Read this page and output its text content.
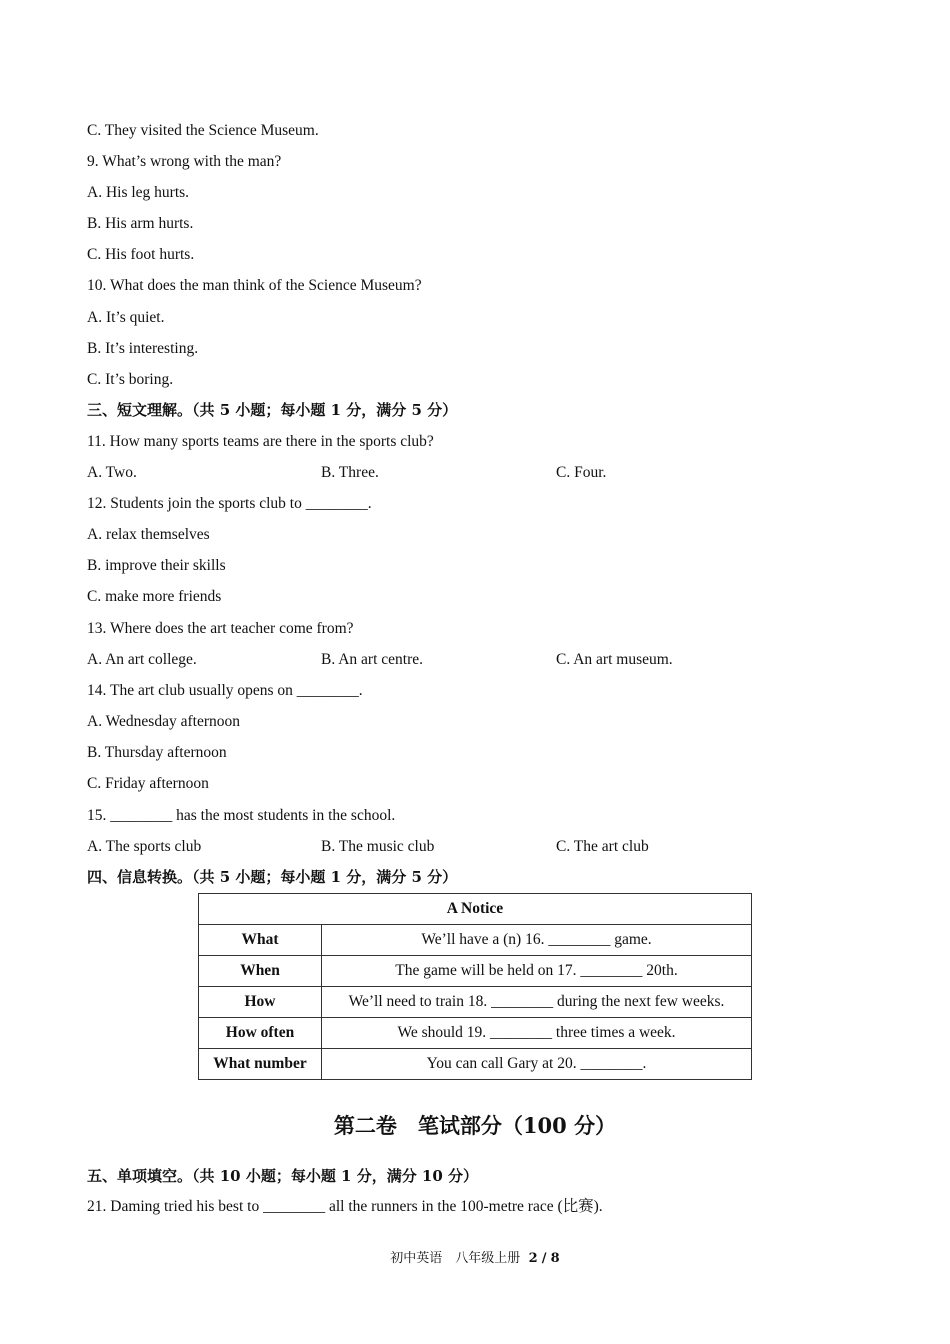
C. They visited the Science Museum.
9. What’s wrong with the man?
A. His leg hurts.
B. His arm hurts.
C. His foot hurts.
10. What does the man think of the Science Museum?
A. It’s quiet.
B. It’s interesting.
C. It’s boring.
三、短文理解。（共 5 小题；每小题 1 分，满分 5 分）
11. How many sports teams are there in the sports club?
A. Two.	B. Three.	C. Four.
12. Students join the sports club to ________.
A. relax themselves
B. improve their skills
C. make more friends
13. Where does the art teacher come from?
A. An art college.	B. An art centre.	C. An art museum.
14. The art club usually opens on ________.
A. Wednesday afternoon
B. Thursday afternoon
C. Friday afternoon
15. ________ has the most students in the school.
A. The sports club	B. The music club	C. The art club
四、信息转换。（共 5 小题；每小题 1 分，满分 5 分）
A Notice	
What	We’ll have a (n) 16. ________ game.
When	The game will be held on 17. ________ 20th.
How	We’ll need to train 18. ________ during the next few weeks.
How often	We should 19. ________ three times a week.
What number	You can call Gary at 20. ________.
第二卷　笔试部分（100 分）
五、单项填空。（共 10 小题；每小题 1 分，满分 10 分）
21. Daming tried his best to ________ all the runners in the 100-metre race (比赛).
初中英语　八年级上册 2 / 8
